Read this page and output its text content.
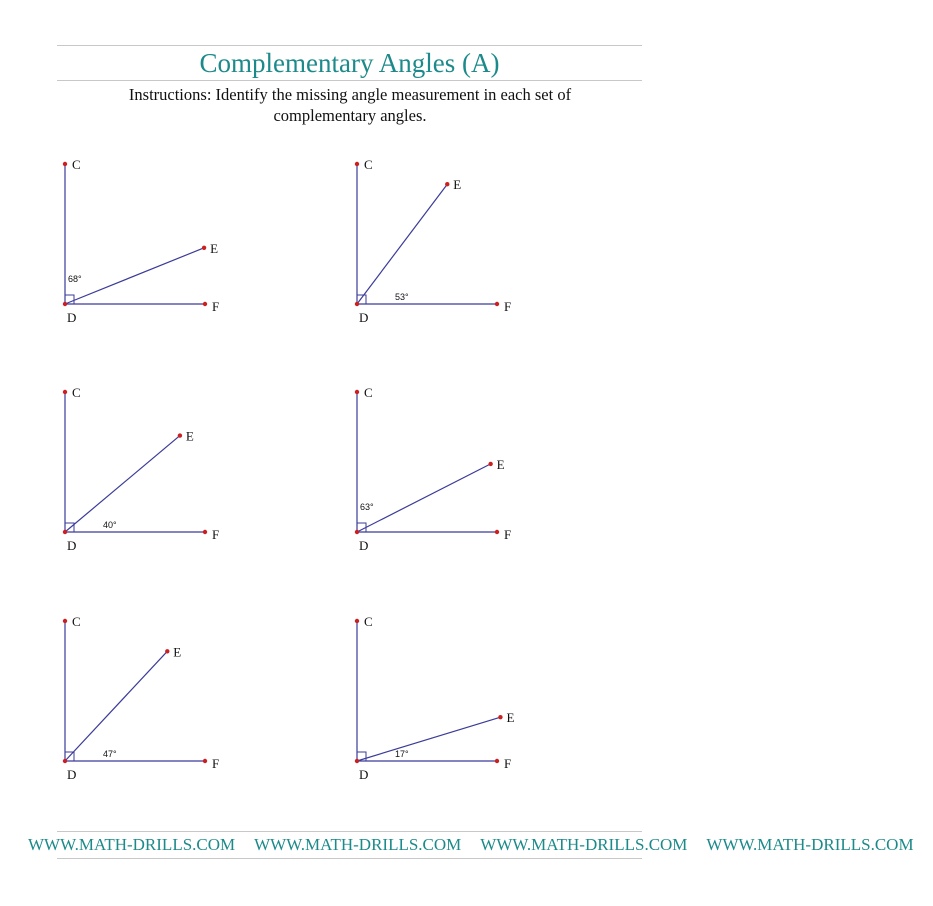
Complementary Angles (A)
Instructions: Identify the missing angle measurement in each set of complementary angles.
C
D
F
E
68°
C
D
F
E
53°
C
D
F
E
40°
C
D
F
E
63°
C
D
F
E
47°
C
D
F
E
17°
WWW.MATH-DRILLS.COM WWW.MATH-DRILLS.COM WWW.MATH-DRILLS.COM WWW.MATH-DRILLS.COM
